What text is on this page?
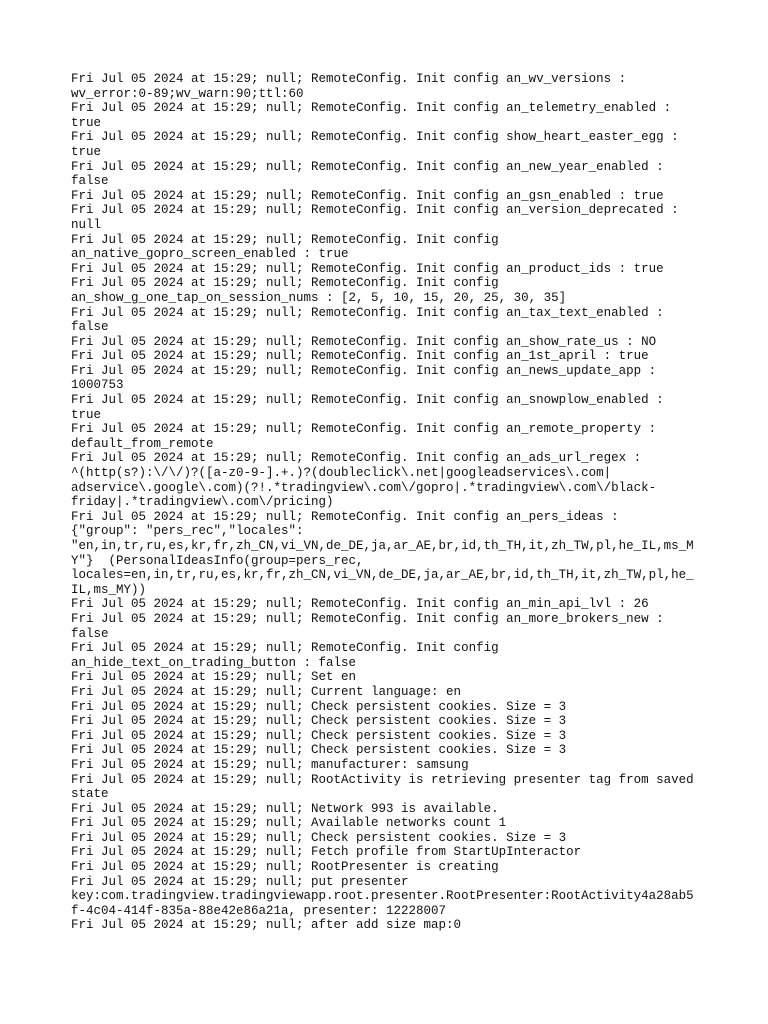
Fri Jul 05 2024 at 15:29; null; RemoteConfig. Init config an_wv_versions :
wv_error:0-89;wv_warn:90;ttl:60
Fri Jul 05 2024 at 15:29; null; RemoteConfig. Init config an_telemetry_enabled :
true
Fri Jul 05 2024 at 15:29; null; RemoteConfig. Init config show_heart_easter_egg :
true
Fri Jul 05 2024 at 15:29; null; RemoteConfig. Init config an_new_year_enabled :
false
Fri Jul 05 2024 at 15:29; null; RemoteConfig. Init config an_gsn_enabled : true
Fri Jul 05 2024 at 15:29; null; RemoteConfig. Init config an_version_deprecated :
null
Fri Jul 05 2024 at 15:29; null; RemoteConfig. Init config
an_native_gopro_screen_enabled : true
Fri Jul 05 2024 at 15:29; null; RemoteConfig. Init config an_product_ids : true
Fri Jul 05 2024 at 15:29; null; RemoteConfig. Init config
an_show_g_one_tap_on_session_nums : [2, 5, 10, 15, 20, 25, 30, 35]
Fri Jul 05 2024 at 15:29; null; RemoteConfig. Init config an_tax_text_enabled :
false
Fri Jul 05 2024 at 15:29; null; RemoteConfig. Init config an_show_rate_us : NO
Fri Jul 05 2024 at 15:29; null; RemoteConfig. Init config an_1st_april : true
Fri Jul 05 2024 at 15:29; null; RemoteConfig. Init config an_news_update_app :
1000753
Fri Jul 05 2024 at 15:29; null; RemoteConfig. Init config an_snowplow_enabled :
true
Fri Jul 05 2024 at 15:29; null; RemoteConfig. Init config an_remote_property :
default_from_remote
Fri Jul 05 2024 at 15:29; null; RemoteConfig. Init config an_ads_url_regex :
^(http(s?):\/\/)?([a-z0-9-].+.)?(doubleclick\.net|googleadservices\.com|
adservice\.google\.com)(?!.*tradingview\.com\/gopro|.*tradingview\.com\/black-
friday|.*tradingview\.com\/pricing)
Fri Jul 05 2024 at 15:29; null; RemoteConfig. Init config an_pers_ideas :
{"group": "pers_rec","locales":
"en,in,tr,ru,es,kr,fr,zh_CN,vi_VN,de_DE,ja,ar_AE,br,id,th_TH,it,zh_TW,pl,he_IL,ms_M
Y"}  (PersonalIdeasInfo(group=pers_rec,
locales=en,in,tr,ru,es,kr,fr,zh_CN,vi_VN,de_DE,ja,ar_AE,br,id,th_TH,it,zh_TW,pl,he_
IL,ms_MY))
Fri Jul 05 2024 at 15:29; null; RemoteConfig. Init config an_min_api_lvl : 26
Fri Jul 05 2024 at 15:29; null; RemoteConfig. Init config an_more_brokers_new :
false
Fri Jul 05 2024 at 15:29; null; RemoteConfig. Init config
an_hide_text_on_trading_button : false
Fri Jul 05 2024 at 15:29; null; Set en
Fri Jul 05 2024 at 15:29; null; Current language: en
Fri Jul 05 2024 at 15:29; null; Check persistent cookies. Size = 3
Fri Jul 05 2024 at 15:29; null; Check persistent cookies. Size = 3
Fri Jul 05 2024 at 15:29; null; Check persistent cookies. Size = 3
Fri Jul 05 2024 at 15:29; null; Check persistent cookies. Size = 3
Fri Jul 05 2024 at 15:29; null; manufacturer: samsung
Fri Jul 05 2024 at 15:29; null; RootActivity is retrieving presenter tag from saved
state
Fri Jul 05 2024 at 15:29; null; Network 993 is available.
Fri Jul 05 2024 at 15:29; null; Available networks count 1
Fri Jul 05 2024 at 15:29; null; Check persistent cookies. Size = 3
Fri Jul 05 2024 at 15:29; null; Fetch profile from StartUpInteractor
Fri Jul 05 2024 at 15:29; null; RootPresenter is creating
Fri Jul 05 2024 at 15:29; null; put presenter
key:com.tradingview.tradingviewapp.root.presenter.RootPresenter:RootActivity4a28ab5
f-4c04-414f-835a-88e42e86a21a, presenter: 12228007
Fri Jul 05 2024 at 15:29; null; after add size map:0
